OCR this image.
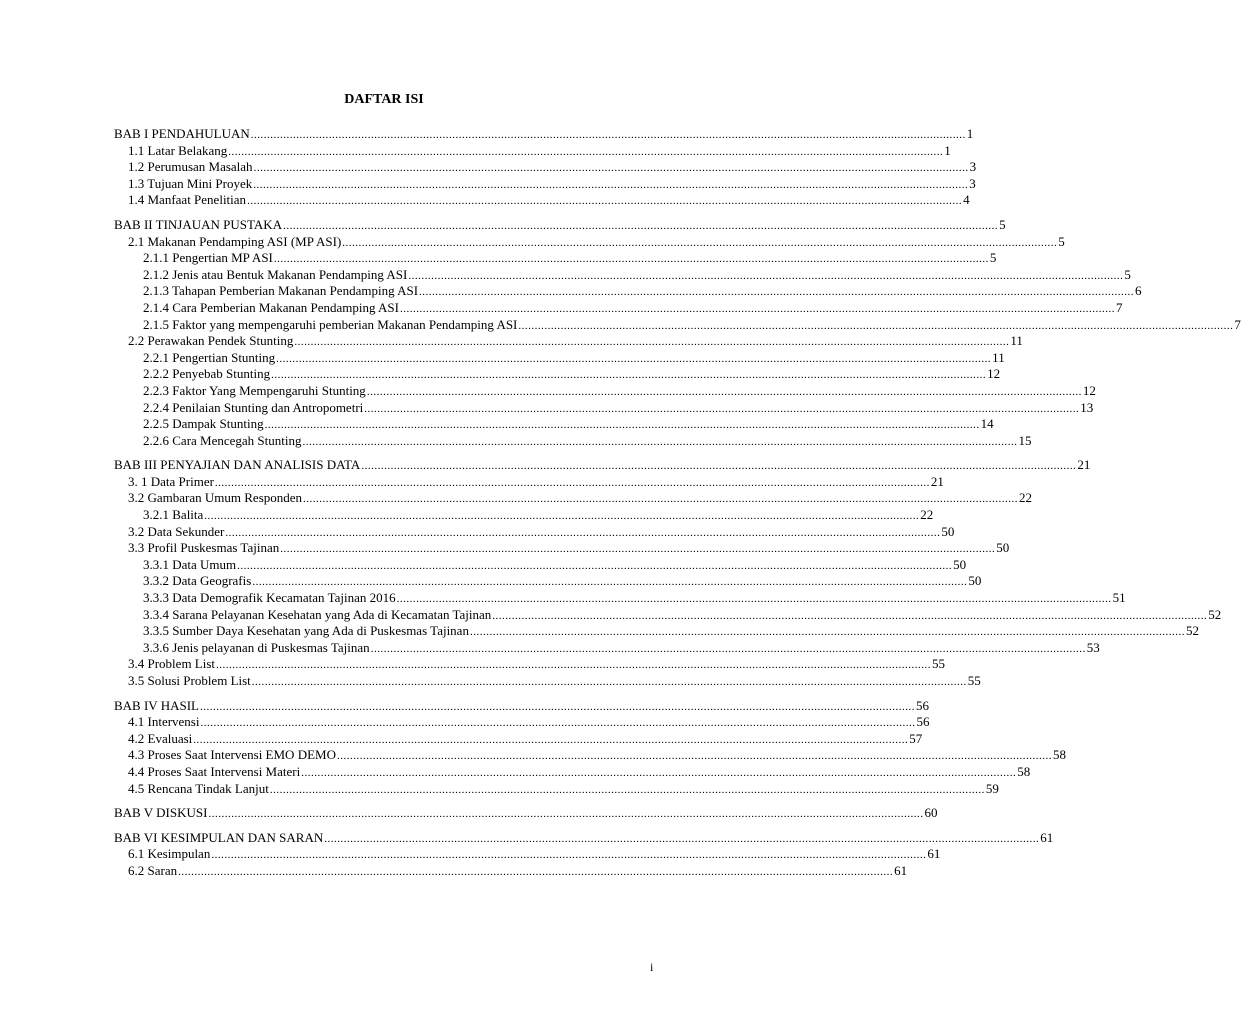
DAFTAR ISI
BAB I PENDAHULUAN ............................................................................................................................................................................................................................ 1
1.1 Latar Belakang ............................................................................................................................................................................................................................ 1
1.2 Perumusan Masalah ............................................................................................................................................................................................................................ 3
1.3 Tujuan Mini Proyek ............................................................................................................................................................................................................................ 3
1.4 Manfaat Penelitian ............................................................................................................................................................................................................................ 4
BAB II TINJAUAN PUSTAKA ............................................................................................................................................................................................................................ 5
2.1 Makanan Pendamping ASI (MP ASI) ............................................................................................................................................................................................................................ 5
2.1.1 Pengertian MP ASI ............................................................................................................................................................................................................................ 5
2.1.2 Jenis atau Bentuk Makanan Pendamping ASI ............................................................................................................................................................................................................................ 5
2.1.3 Tahapan Pemberian Makanan Pendamping ASI ............................................................................................................................................................................................................................ 6
2.1.4 Cara Pemberian Makanan Pendamping ASI ............................................................................................................................................................................................................................ 7
2.1.5 Faktor yang mempengaruhi pemberian Makanan Pendamping ASI ............................................................................................................................................................................................................................ 7
2.2 Perawakan Pendek Stunting ............................................................................................................................................................................................................................ 11
2.2.1 Pengertian Stunting ............................................................................................................................................................................................................................ 11
2.2.2 Penyebab Stunting ............................................................................................................................................................................................................................ 12
2.2.3 Faktor Yang Mempengaruhi Stunting ............................................................................................................................................................................................................................ 12
2.2.4 Penilaian Stunting dan Antropometri ............................................................................................................................................................................................................................ 13
2.2.5 Dampak Stunting ............................................................................................................................................................................................................................ 14
2.2.6 Cara Mencegah Stunting ............................................................................................................................................................................................................................ 15
BAB III PENYAJIAN DAN ANALISIS DATA ............................................................................................................................................................................................................................ 21
3. 1 Data Primer ............................................................................................................................................................................................................................ 21
3.2 Gambaran Umum Responden ............................................................................................................................................................................................................................ 22
3.2.1 Balita ............................................................................................................................................................................................................................ 22
3.2 Data Sekunder ............................................................................................................................................................................................................................ 50
3.3 Profil Puskesmas Tajinan ............................................................................................................................................................................................................................ 50
3.3.1 Data Umum ............................................................................................................................................................................................................................ 50
3.3.2 Data Geografis ............................................................................................................................................................................................................................ 50
3.3.3 Data Demografik Kecamatan Tajinan 2016 ............................................................................................................................................................................................................................ 51
3.3.4 Sarana Pelayanan Kesehatan yang Ada di Kecamatan Tajinan ............................................................................................................................................................................................................................ 52
3.3.5 Sumber Daya Kesehatan yang Ada di Puskesmas Tajinan ............................................................................................................................................................................................................................ 52
3.3.6 Jenis pelayanan di Puskesmas Tajinan ............................................................................................................................................................................................................................ 53
3.4 Problem List ............................................................................................................................................................................................................................ 55
3.5 Solusi Problem List ............................................................................................................................................................................................................................ 55
BAB IV HASIL ............................................................................................................................................................................................................................ 56
4.1 Intervensi ............................................................................................................................................................................................................................ 56
4.2 Evaluasi ............................................................................................................................................................................................................................ 57
4.3 Proses Saat Intervensi EMO DEMO ............................................................................................................................................................................................................................ 58
4.4 Proses Saat Intervensi Materi ............................................................................................................................................................................................................................ 58
4.5 Rencana Tindak Lanjut ............................................................................................................................................................................................................................ 59
BAB V DISKUSI ............................................................................................................................................................................................................................ 60
BAB VI KESIMPULAN DAN SARAN ............................................................................................................................................................................................................................ 61
6.1 Kesimpulan ............................................................................................................................................................................................................................ 61
6.2 Saran ............................................................................................................................................................................................................................ 61
i
